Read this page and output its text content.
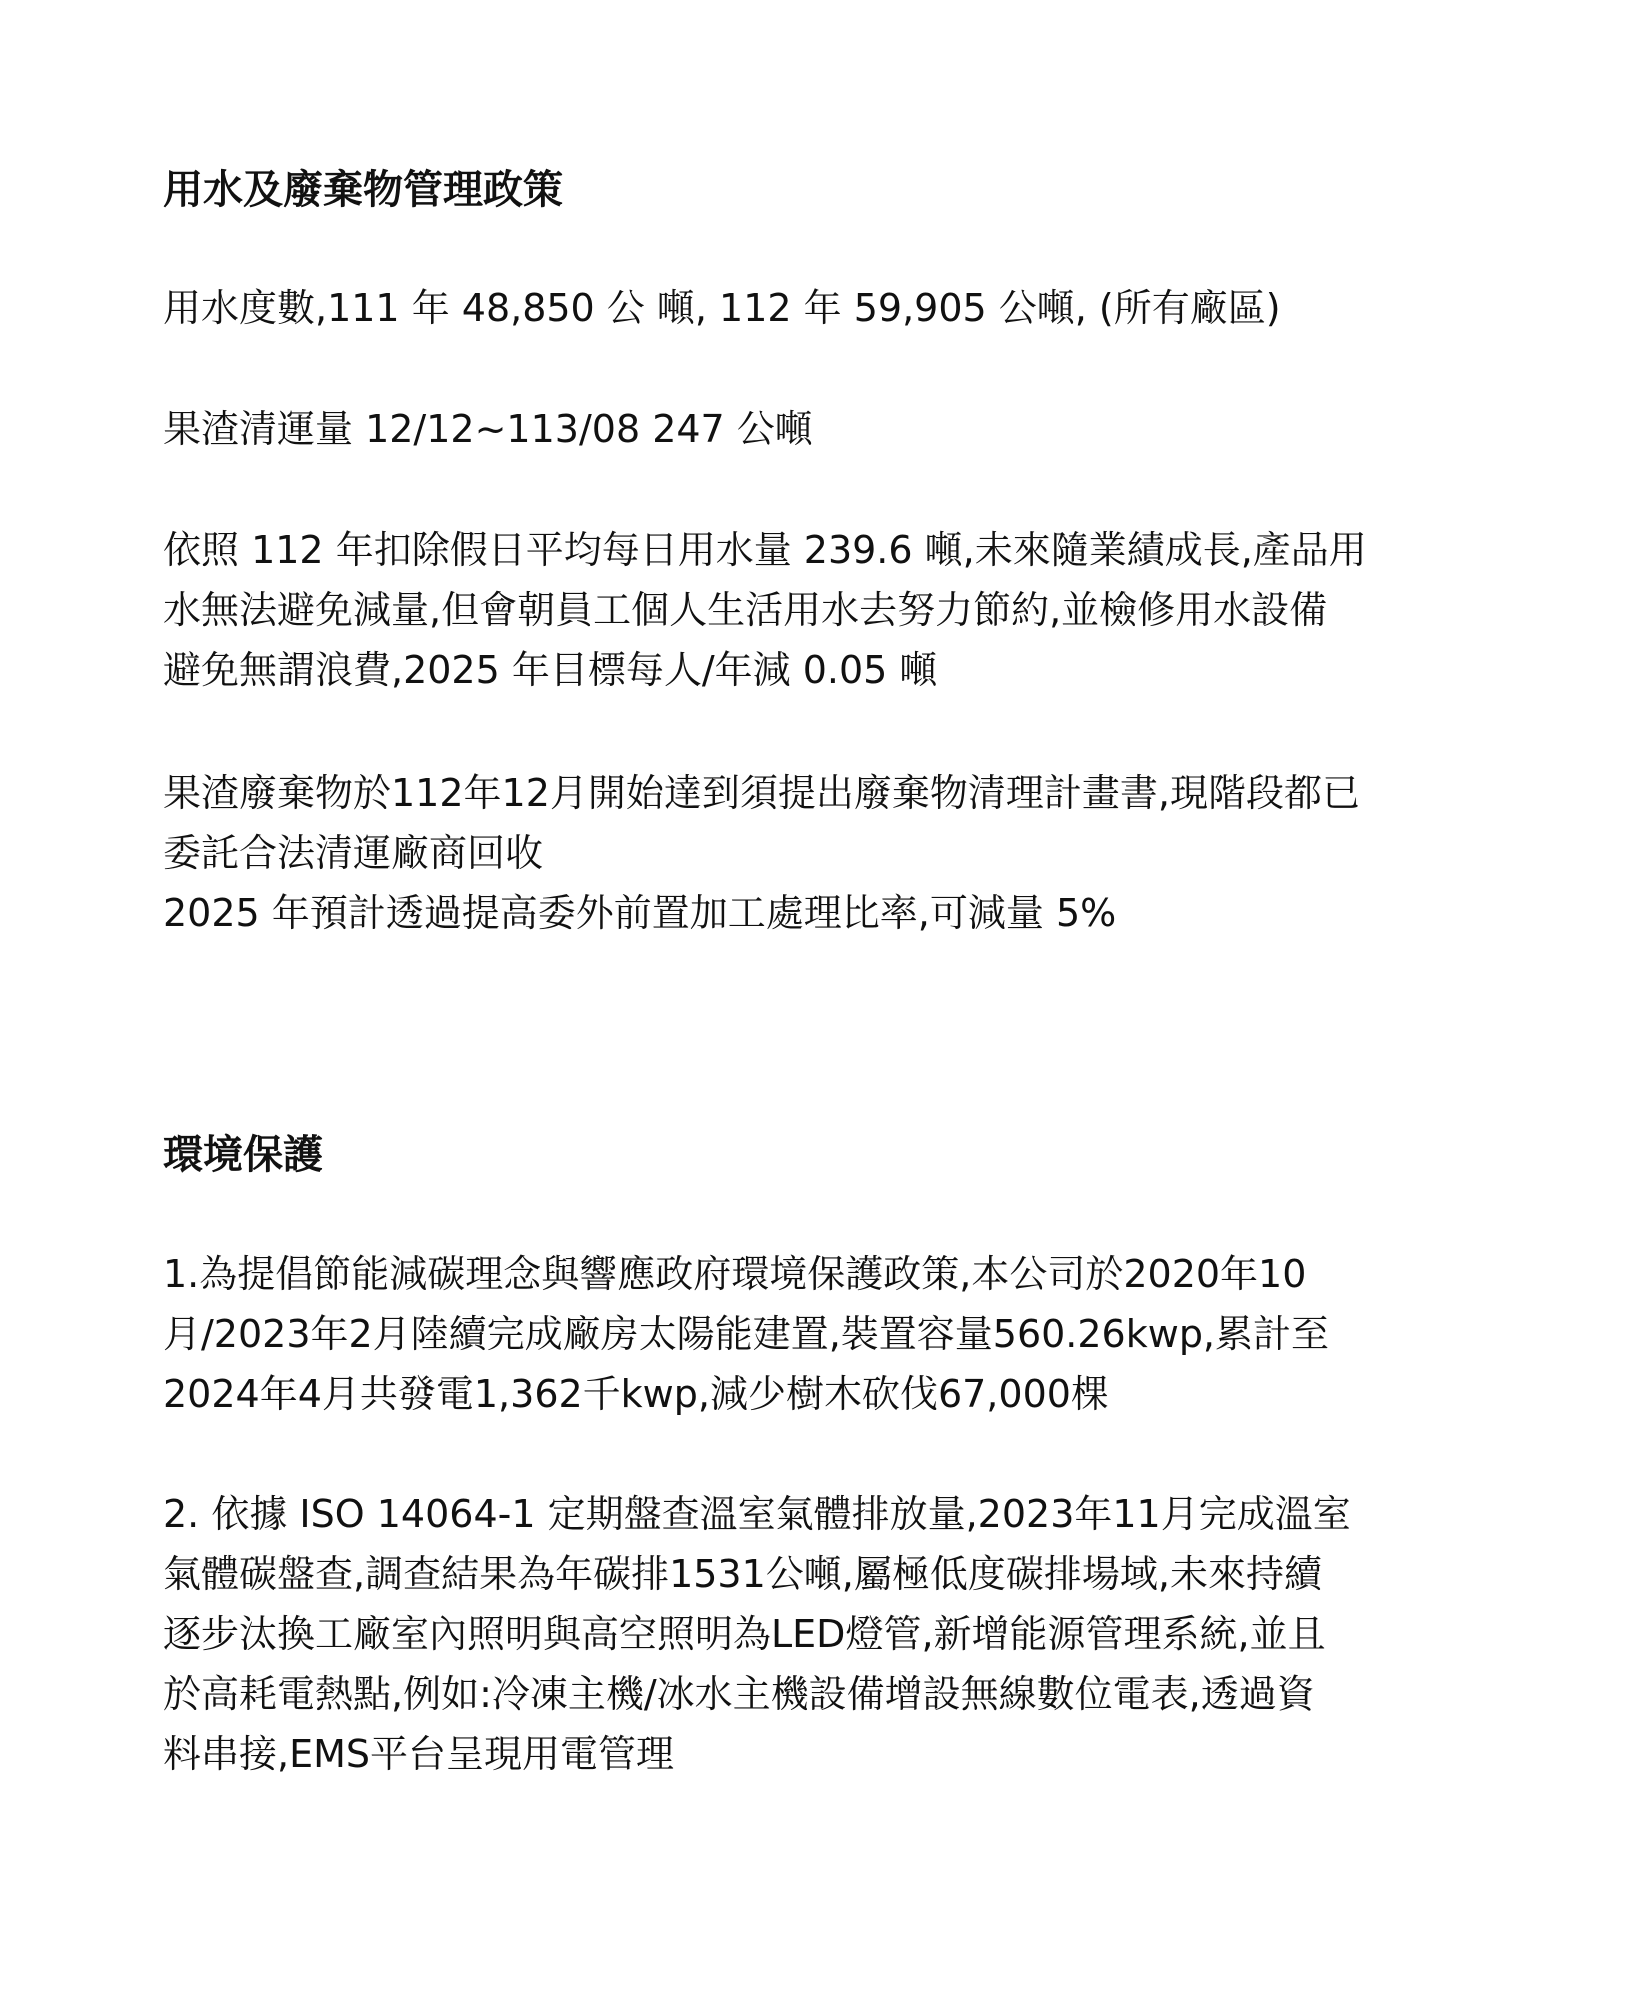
用水及廢棄物管理政策

用水度數,111 年 48,850 公 噸, 112 年 59,905 公噸, (所有廠區)

果渣清運量 12/12~113/08 247 公噸

依照 112 年扣除假日平均每日用水量 239.6 噸,未來隨業績成長,產品用
水無法避免減量,但會朝員工個人生活用水去努力節約,並檢修用水設備
避免無謂浪費,2025 年目標每人/年減 0.05 噸

果渣廢棄物於112年12月開始達到須提出廢棄物清理計畫書,現階段都已
委託合法清運廠商回收
2025 年預計透過提高委外前置加工處理比率,可減量 5%

環境保護

1.為提倡節能減碳理念與響應政府環境保護政策,本公司於2020年10
月/2023年2月陸續完成廠房太陽能建置,裝置容量560.26kwp,累計至
2024年4月共發電1,362千kwp,減少樹木砍伐67,000棵

2. 依據 ISO 14064-1 定期盤查溫室氣體排放量,2023年11月完成溫室
氣體碳盤查,調查結果為年碳排1531公噸,屬極低度碳排場域,未來持續
逐步汰換工廠室內照明與高空照明為LED燈管,新增能源管理系統,並且
於高耗電熱點,例如:冷凍主機/冰水主機設備增設無線數位電表,透過資
料串接,EMS平台呈現用電管理
